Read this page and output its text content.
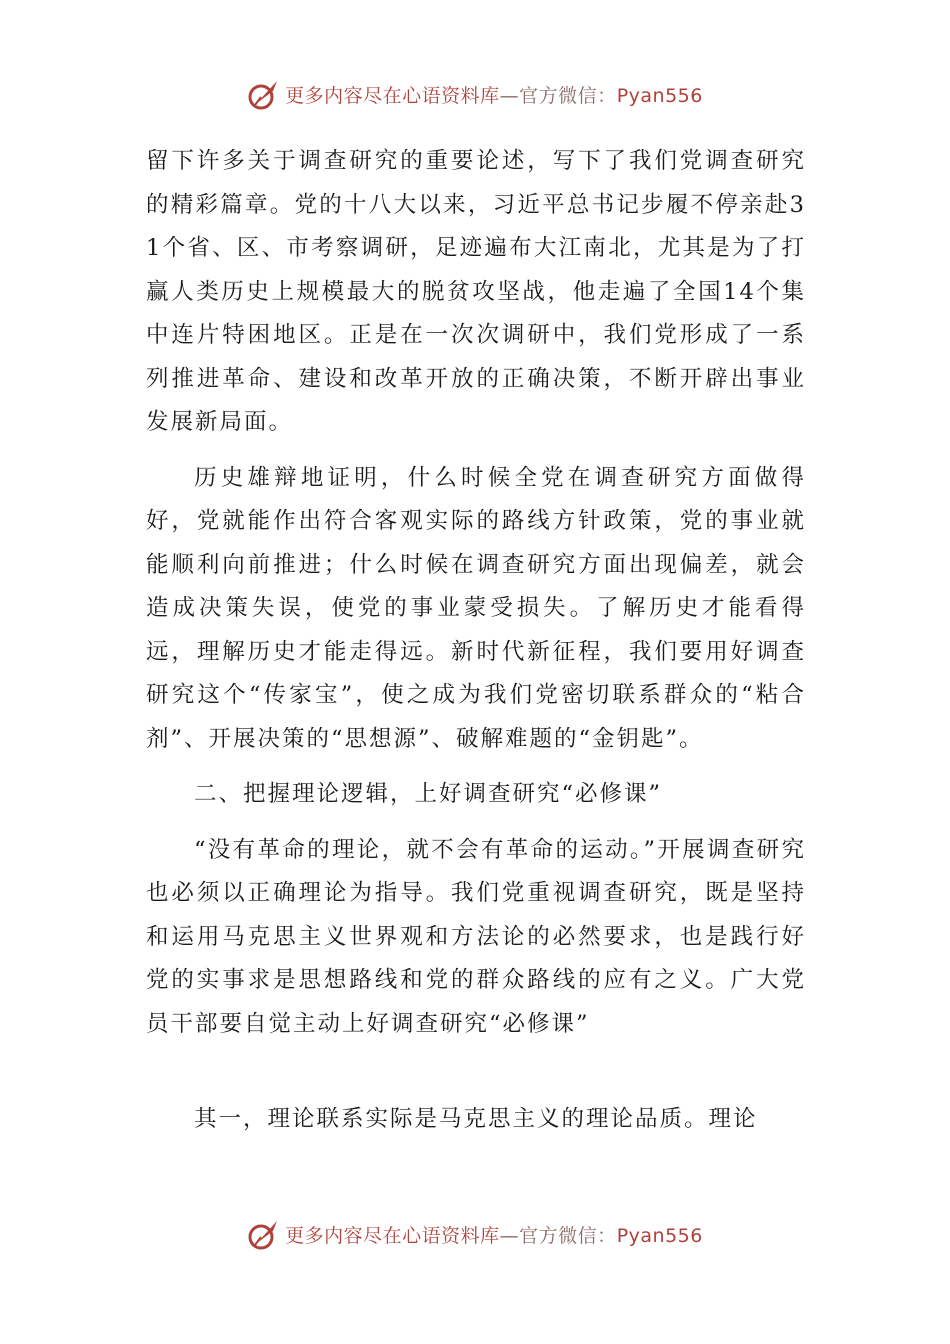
更多内容尽在心语资料库—官方微信：Pyan556

留下许多关于调查研究的重要论述，写下了我们党调查研究的精彩篇章。党的十八大以来，习近平总书记步履不停亲赴31个省、区、市考察调研，足迹遍布大江南北，尤其是为了打赢人类历史上规模最大的脱贫攻坚战，他走遍了全国14个集中连片特困地区。正是在一次次调研中，我们党形成了一系列推进革命、建设和改革开放的正确决策，不断开辟出事业发展新局面。

历史雄辩地证明，什么时候全党在调查研究方面做得好，党就能作出符合客观实际的路线方针政策，党的事业就能顺利向前推进；什么时候在调查研究方面出现偏差，就会造成决策失误，使党的事业蒙受损失。了解历史才能看得远，理解历史才能走得远。新时代新征程，我们要用好调查研究这个“传家宝”，使之成为我们党密切联系群众的“粘合剂”、开展决策的“思想源”、破解难题的“金钥匙”。

二、把握理论逻辑，上好调查研究“必修课”

“没有革命的理论，就不会有革命的运动。”开展调查研究也必须以正确理论为指导。我们党重视调查研究，既是坚持和运用马克思主义世界观和方法论的必然要求，也是践行好党的实事求是思想路线和党的群众路线的应有之义。广大党员干部要自觉主动上好调查研究“必修课”

其一，理论联系实际是马克思主义的理论品质。理论

更多内容尽在心语资料库—官方微信：Pyan556
